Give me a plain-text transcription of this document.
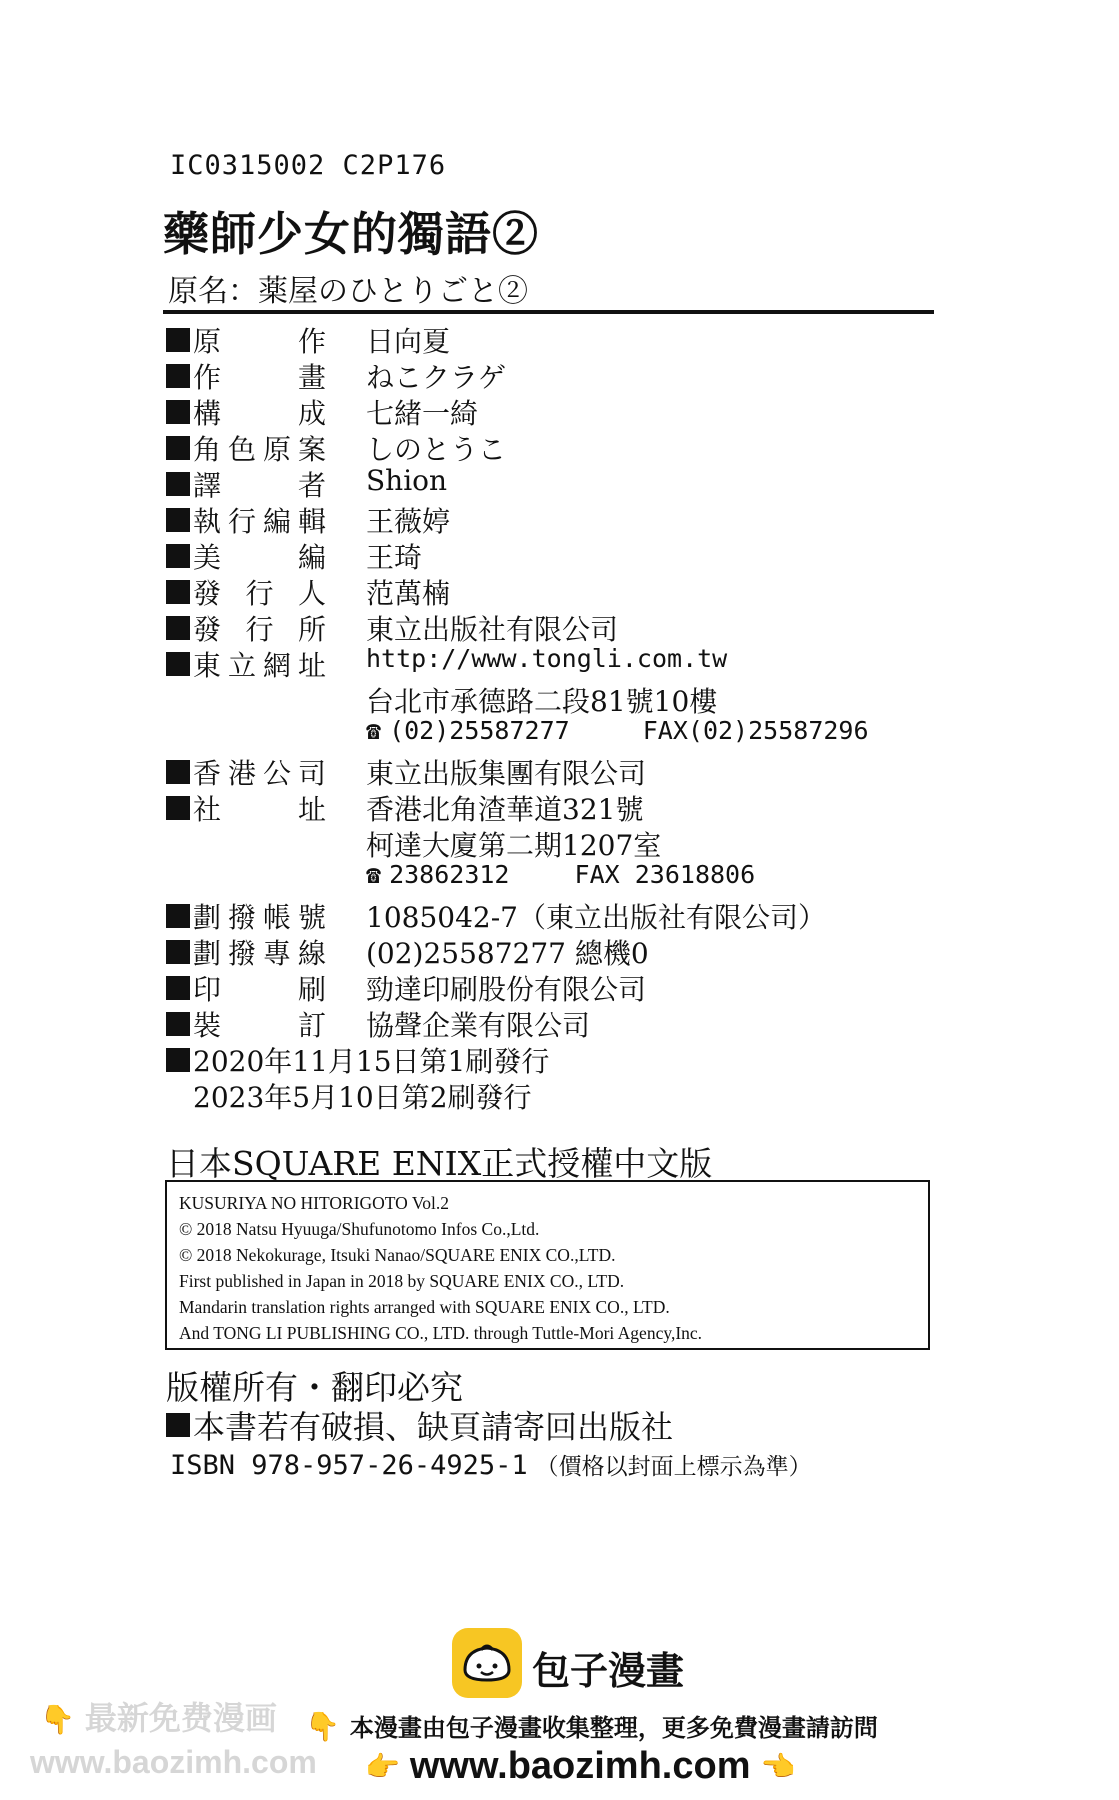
IC0315002 C2P176
藥師少女的獨語②
原名：薬屋のひとりごと②
原	作 日向夏
作	畫 ねこクラゲ
構	成 七緒一綺
角 色 原 案 しのとうこ
譯	者 Shion
執 行 編 輯 王薇婷
美	編 王琦
發 行 人 范萬楠
發 行 所 東立出版社有限公司
東 立 網 址 http://www.tongli.com.tw
台北市承德路二段81號10樓
☎ (02)25587277	FAX(02)25587296
香 港 公 司 東立出版集團有限公司
社	址 香港北角渣華道321號
柯達大廈第二期1207室
☎ 23862312	FAX 23618806
劃 撥 帳 號 1085042-7（東立出版社有限公司）
劃 撥 專 線 (02)25587277 總機0
印	刷 勁達印刷股份有限公司
裝	訂 協聲企業有限公司
2020年11月15日第1刷發行
2023年5月10日第2刷發行
日本SQUARE ENIX正式授權中文版
KUSURIYA NO HITORIGOTO Vol.2
© 2018 Natsu Hyuuga/Shufunotomo Infos Co.,Ltd.
© 2018 Nekokurage, Itsuki Nanao/SQUARE ENIX CO.,LTD.
First published in Japan in 2018 by SQUARE ENIX CO., LTD.
Mandarin translation rights arranged with SQUARE ENIX CO., LTD.
And TONG LI PUBLISHING CO., LTD. through Tuttle-Mori Agency,Inc.
版權所有・翻印必究
本書若有破損、缺頁請寄回出版社
ISBN 978-957-26-4925-1 （價格以封面上標示為準）
包子漫畫
👇 最新免费漫画
www.baozimh.com
👇 本漫畫由包子漫畫收集整理，更多免費漫畫請訪問
👉 www.baozimh.com 👈
